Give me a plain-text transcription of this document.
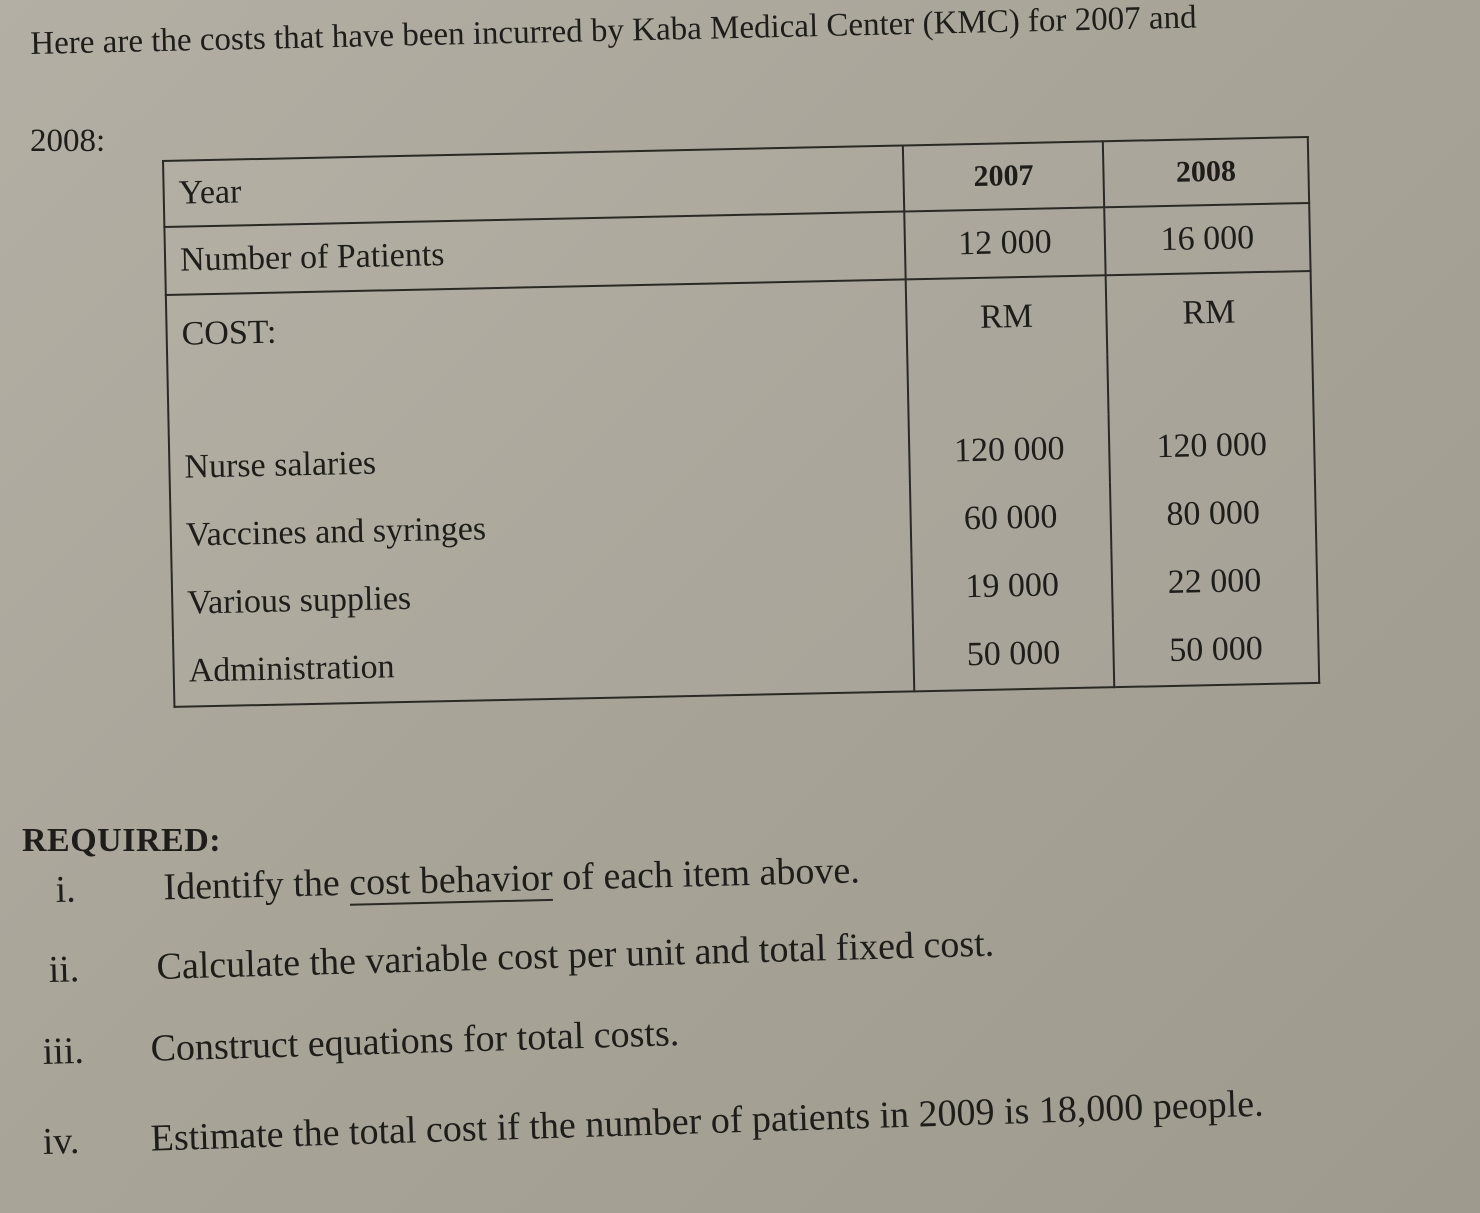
Here are the costs that have been incurred by Kaba Medical Center (KMC) for 2007 and
2008:
Year	2007	2008
Number of Patients	12 000	16 000
COST:	RM	RM

Nurse salaries	120 000	120 000
Vaccines and syringes	60 000	80 000
Various supplies	19 000	22 000
Administration	50 000	50 000
REQUIRED:
i. Identify the cost behavior of each item above.
ii. Calculate the variable cost per unit and total fixed cost.
iii. Construct equations for total costs.
iv. Estimate the total cost if the number of patients in 2009 is 18,000 people.
